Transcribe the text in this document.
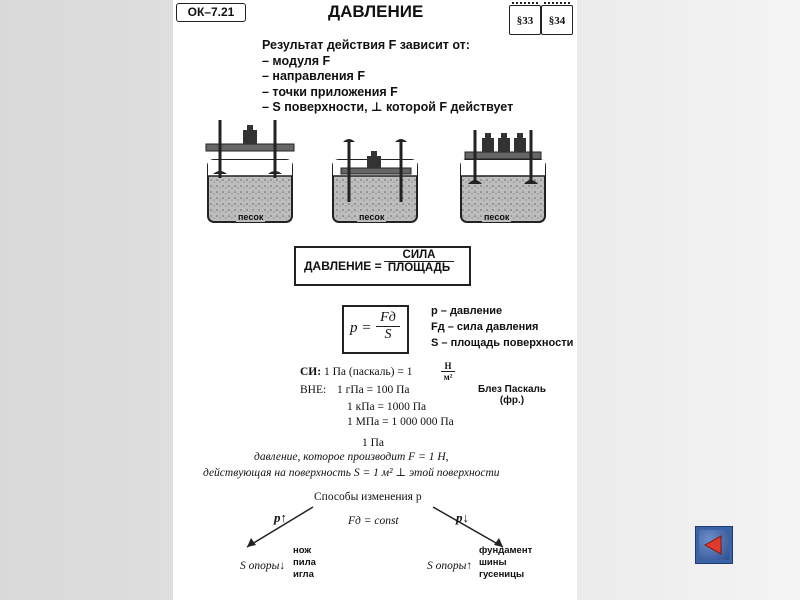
ОК–7.21	ДАВЛЕНИЕ	§33	§34
Результат действия F зависит от:
– модуля F
– направления F
– точки приложения F
– S поверхности, ⊥ которой F действует
песок	песок	песок
ДАВЛЕНИЕ =
СИЛА
ПЛОЩАДЬ
p =
Fд
S
p – давление
Fд – сила давления
S – площадь поверхности
СИ: 1 Па (паскаль) = 1	Н
м²
ВНЕ: 1 гПа = 100 Па
1 кПа = 1000 Па
1 МПа = 1 000 000 Па
Блез Паскаль
(фр.)
1 Па
давление, которое производит F = 1 Н,
действующая на поверхность S = 1 м² ⊥ этой поверхности
Способы изменения p
p↑	p↓
Fд = const
S опоры↓
нож
пила
игла
S опоры↑
фундамент
шины
гусеницы
